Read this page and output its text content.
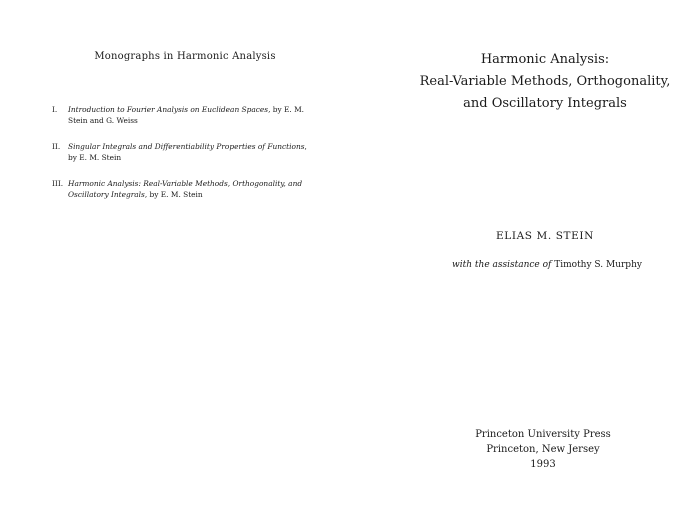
Monographs in Harmonic Analysis
I. Introduction to Fourier Analysis on Euclidean Spaces, by E. M. Stein and G. Weiss
II. Singular Integrals and Differentiability Properties of Functions, by E. M. Stein
III. Harmonic Analysis: Real-Variable Methods, Orthogonality, and Oscillatory Integrals, by E. M. Stein
Harmonic Analysis:
Real-Variable Methods, Orthogonality,
and Oscillatory Integrals
ELIAS M. STEIN
with the assistance of Timothy S. Murphy
Princeton University Press
Princeton, New Jersey
1993
